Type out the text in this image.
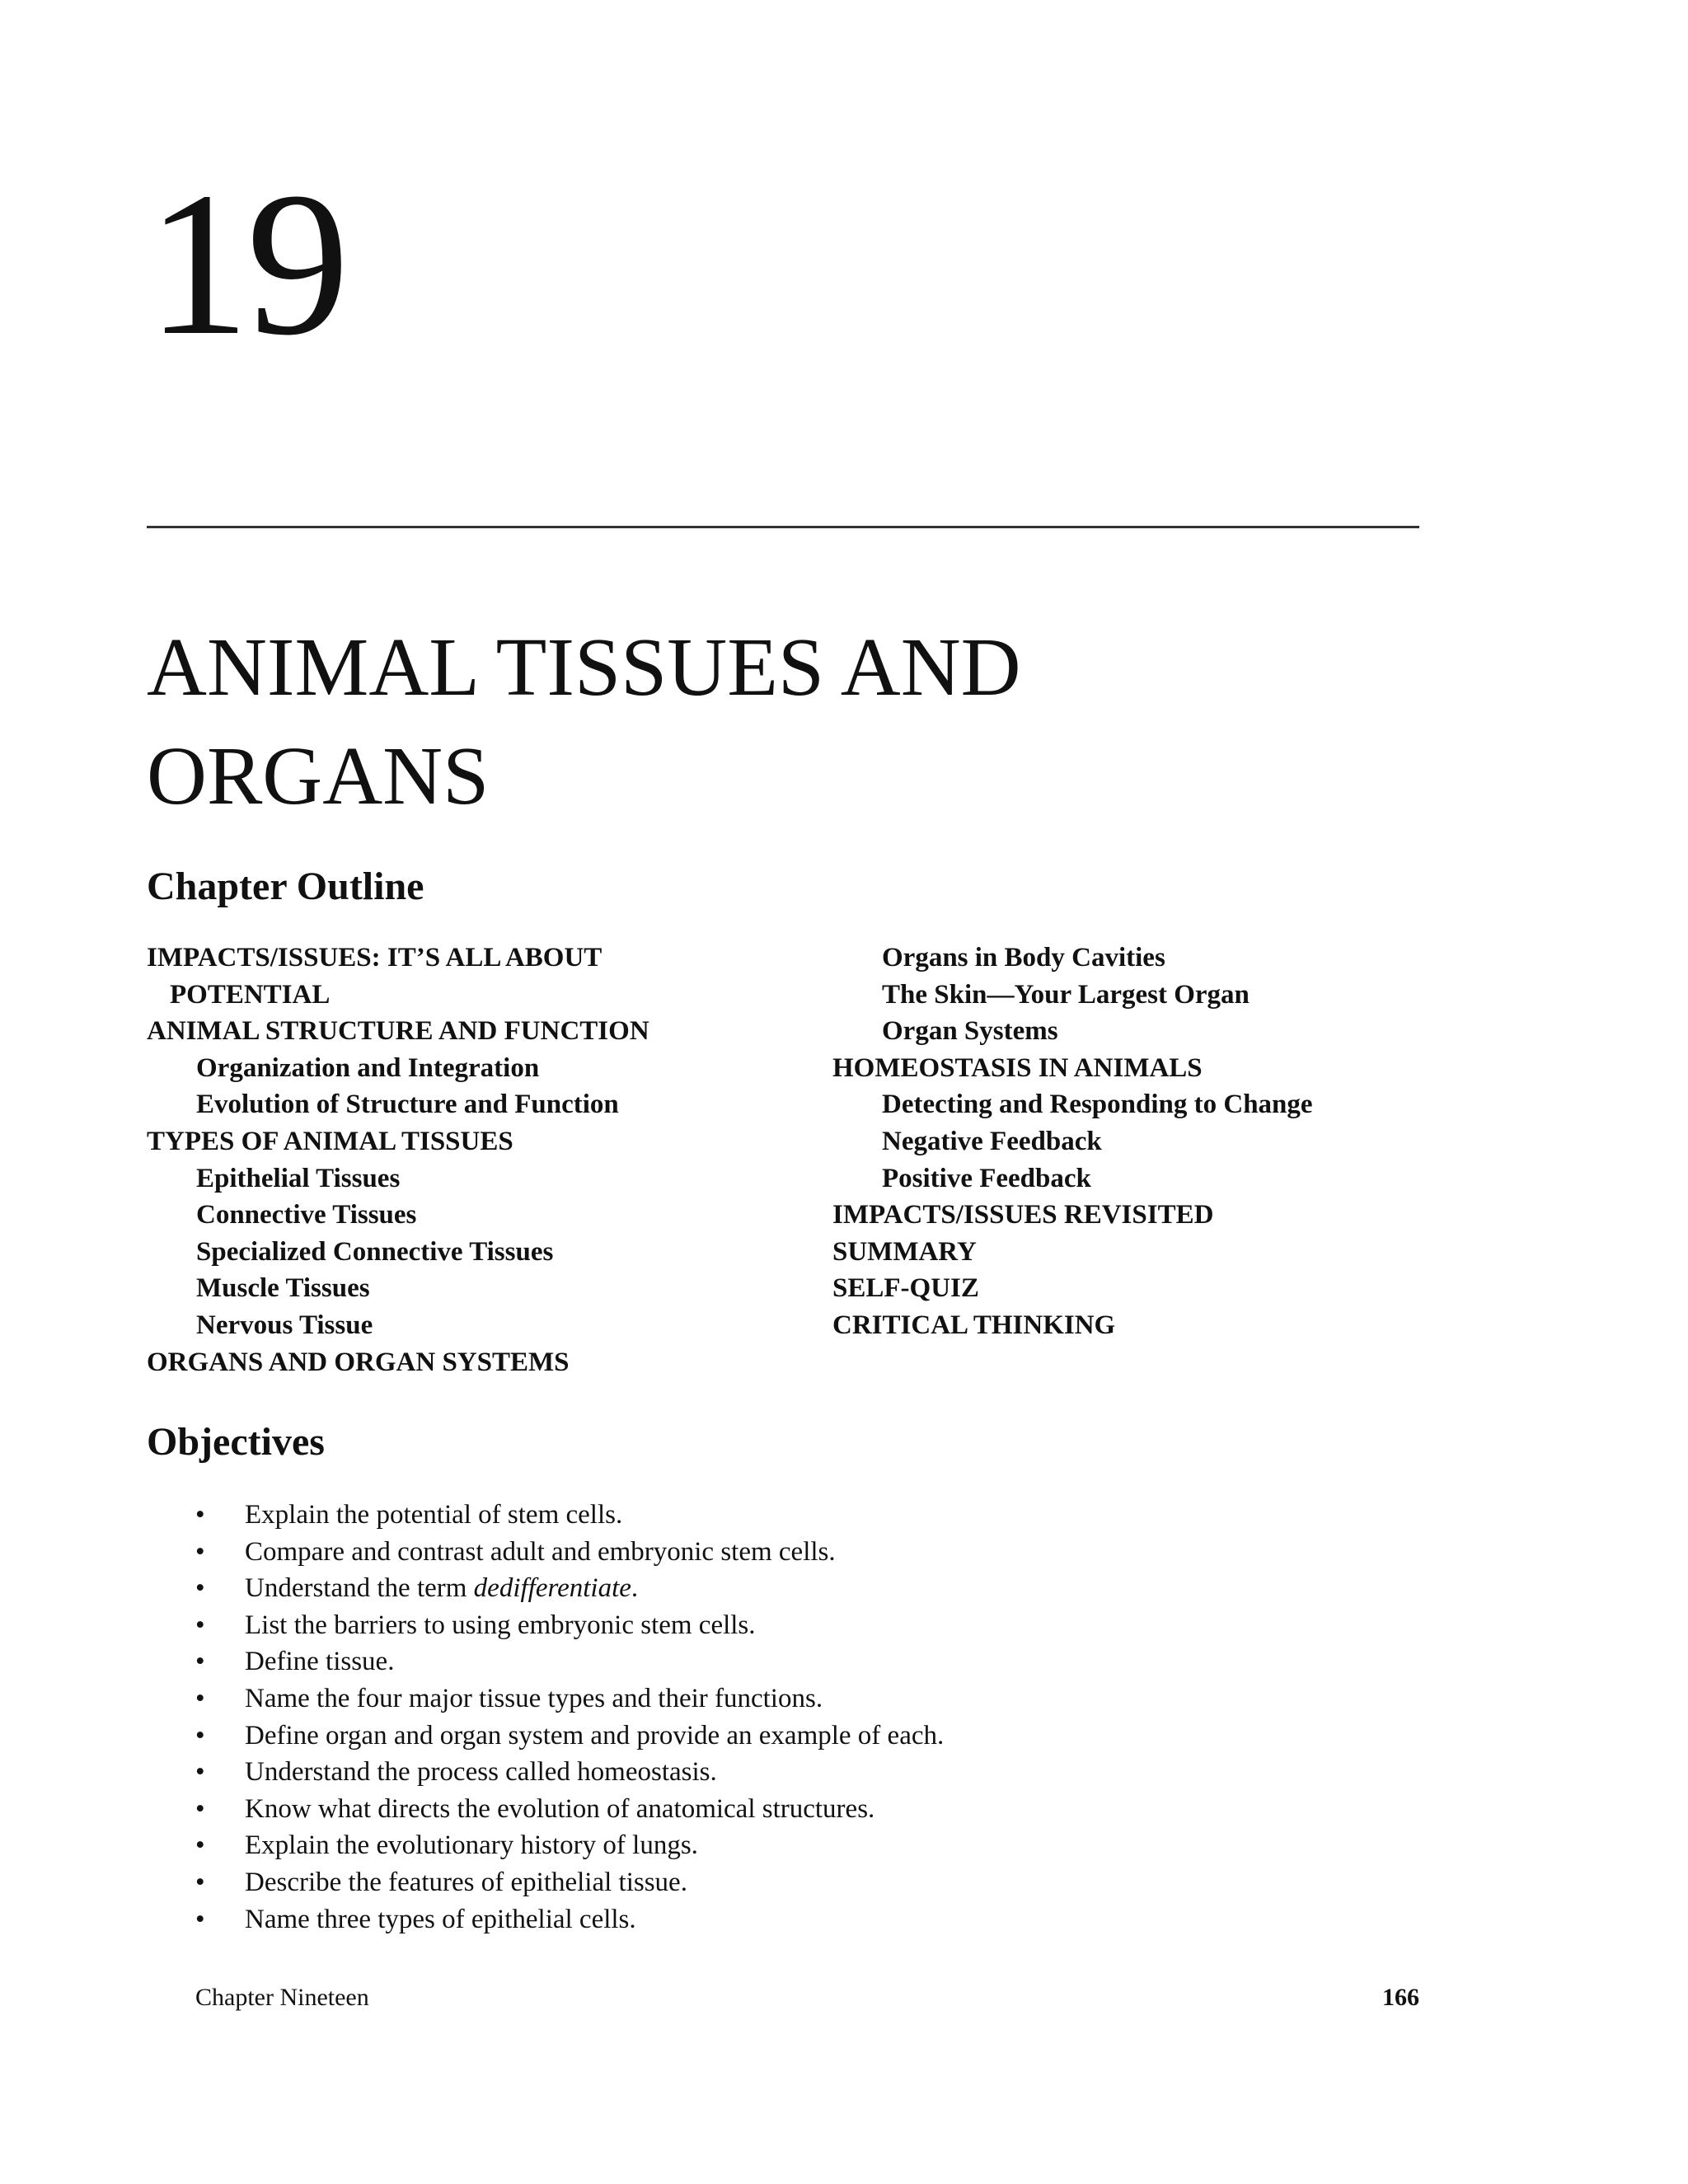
19
ANIMAL TISSUES AND
ORGANS
Chapter Outline
IMPACTS/ISSUES: IT’S ALL ABOUT
POTENTIAL
ANIMAL STRUCTURE AND FUNCTION
Organization and Integration
Evolution of Structure and Function
TYPES OF ANIMAL TISSUES
Epithelial Tissues
Connective Tissues
Specialized Connective Tissues
Muscle Tissues
Nervous Tissue
ORGANS AND ORGAN SYSTEMS
Organs in Body Cavities
The Skin—Your Largest Organ
Organ Systems
HOMEOSTASIS IN ANIMALS
Detecting and Responding to Change
Negative Feedback
Positive Feedback
IMPACTS/ISSUES REVISITED
SUMMARY
SELF-QUIZ
CRITICAL THINKING
Objectives
• Explain the potential of stem cells.
• Compare and contrast adult and embryonic stem cells.
• Understand the term dedifferentiate.
• List the barriers to using embryonic stem cells.
• Define tissue.
• Name the four major tissue types and their functions.
• Define organ and organ system and provide an example of each.
• Understand the process called homeostasis.
• Know what directs the evolution of anatomical structures.
• Explain the evolutionary history of lungs.
• Describe the features of epithelial tissue.
• Name three types of epithelial cells.
Chapter Nineteen	166
